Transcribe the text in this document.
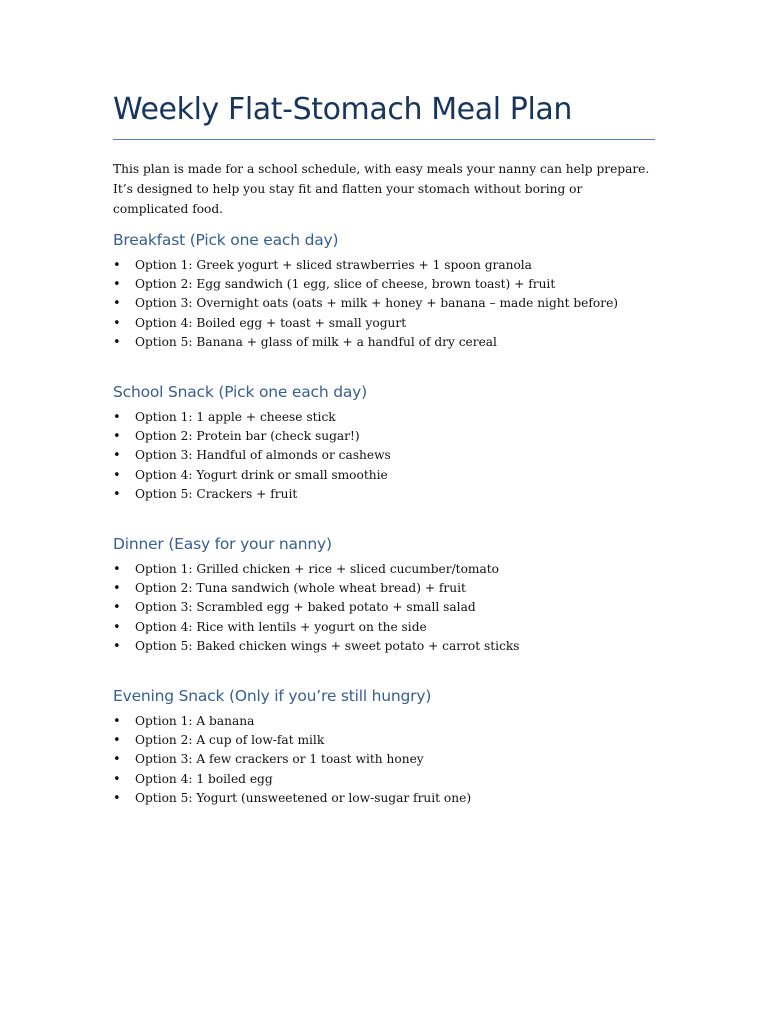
Weekly Flat-Stomach Meal Plan

This plan is made for a school schedule, with easy meals your nanny can help prepare. It’s designed to help you stay fit and flatten your stomach without boring or complicated food.

Breakfast (Pick one each day)
• Option 1: Greek yogurt + sliced strawberries + 1 spoon granola
• Option 2: Egg sandwich (1 egg, slice of cheese, brown toast) + fruit
• Option 3: Overnight oats (oats + milk + honey + banana – made night before)
• Option 4: Boiled egg + toast + small yogurt
• Option 5: Banana + glass of milk + a handful of dry cereal
School Snack (Pick one each day)
• Option 1: 1 apple + cheese stick
• Option 2: Protein bar (check sugar!)
• Option 3: Handful of almonds or cashews
• Option 4: Yogurt drink or small smoothie
• Option 5: Crackers + fruit
Dinner (Easy for your nanny)
• Option 1: Grilled chicken + rice + sliced cucumber/tomato
• Option 2: Tuna sandwich (whole wheat bread) + fruit
• Option 3: Scrambled egg + baked potato + small salad
• Option 4: Rice with lentils + yogurt on the side
• Option 5: Baked chicken wings + sweet potato + carrot sticks
Evening Snack (Only if you’re still hungry)
• Option 1: A banana
• Option 2: A cup of low-fat milk
• Option 3: A few crackers or 1 toast with honey
• Option 4: 1 boiled egg
• Option 5: Yogurt (unsweetened or low-sugar fruit one)
